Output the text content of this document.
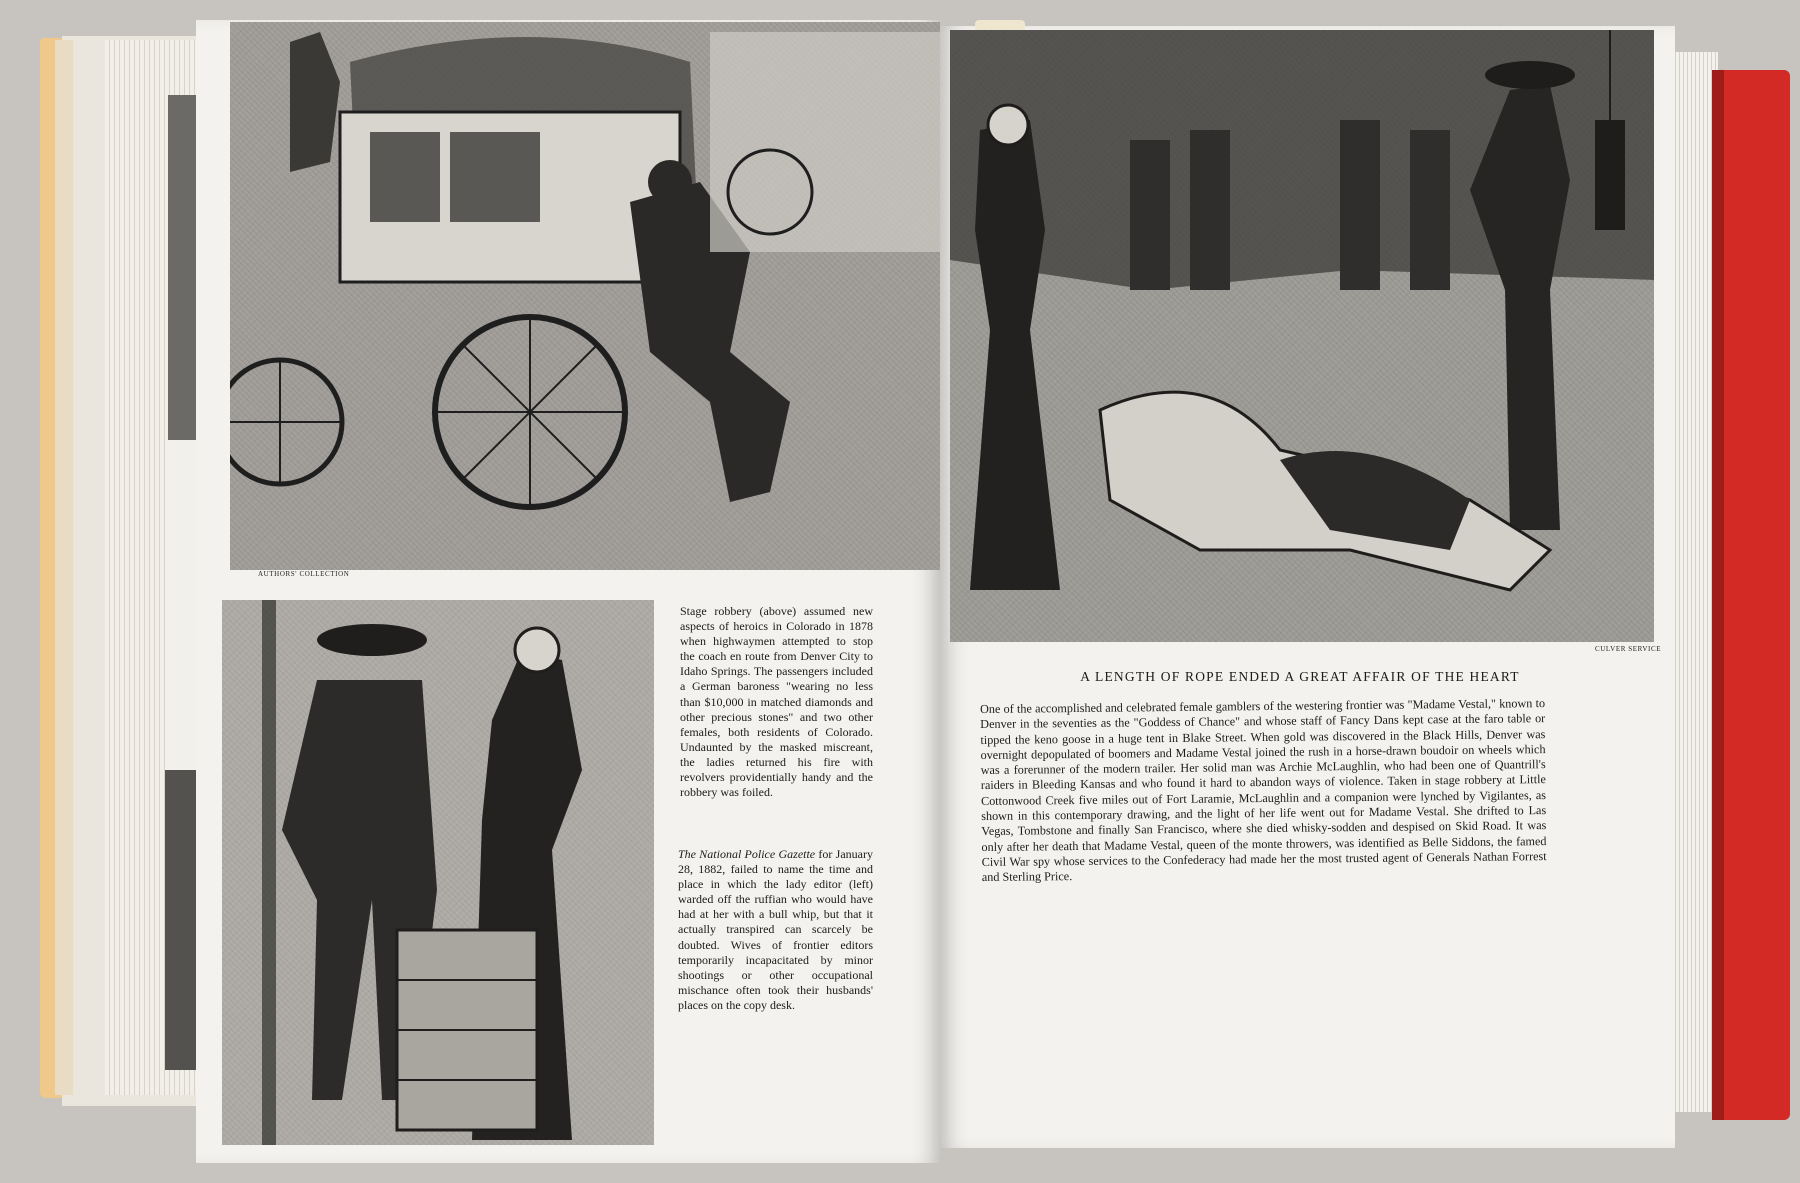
AUTHORS' COLLECTION
Stage robbery (above) assumed new aspects of heroics in Colorado in 1878 when highwaymen attempted to stop the coach en route from Denver City to Idaho Springs. The passengers included a German baroness "wearing no less than $10,000 in matched diamonds and other precious stones" and two other females, both residents of Colorado. Undaunted by the masked miscreant, the ladies returned his fire with revolvers providentially handy and the robbery was foiled.
The National Police Gazette for January 28, 1882, failed to name the time and place in which the lady editor (left) warded off the ruffian who would have had at her with a bull whip, but that it actually transpired can scarcely be doubted. Wives of frontier editors temporarily incapacitated by minor shootings or other occupational mischance often took their husbands' places on the copy desk.
CULVER SERVICE
A LENGTH OF ROPE ENDED A GREAT AFFAIR OF THE HEART
One of the accomplished and celebrated female gamblers of the westering frontier was "Madame Vestal," known to Denver in the seventies as the "Goddess of Chance" and whose staff of Fancy Dans kept case at the faro table or tipped the keno goose in a huge tent in Blake Street. When gold was discovered in the Black Hills, Denver was overnight depopulated of boomers and Madame Vestal joined the rush in a horse-drawn boudoir on wheels which was a forerunner of the modern trailer. Her solid man was Archie McLaughlin, who had been one of Quantrill's raiders in Bleeding Kansas and who found it hard to abandon ways of violence. Taken in stage robbery at Little Cottonwood Creek five miles out of Fort Laramie, McLaughlin and a companion were lynched by Vigilantes, as shown in this contemporary drawing, and the light of her life went out for Madame Vestal. She drifted to Las Vegas, Tombstone and finally San Francisco, where she died whisky-sodden and despised on Skid Road. It was only after her death that Madame Vestal, queen of the monte throwers, was identified as Belle Siddons, the famed Civil War spy whose services to the Confederacy had made her the most trusted agent of Generals Nathan Forrest and Sterling Price.
